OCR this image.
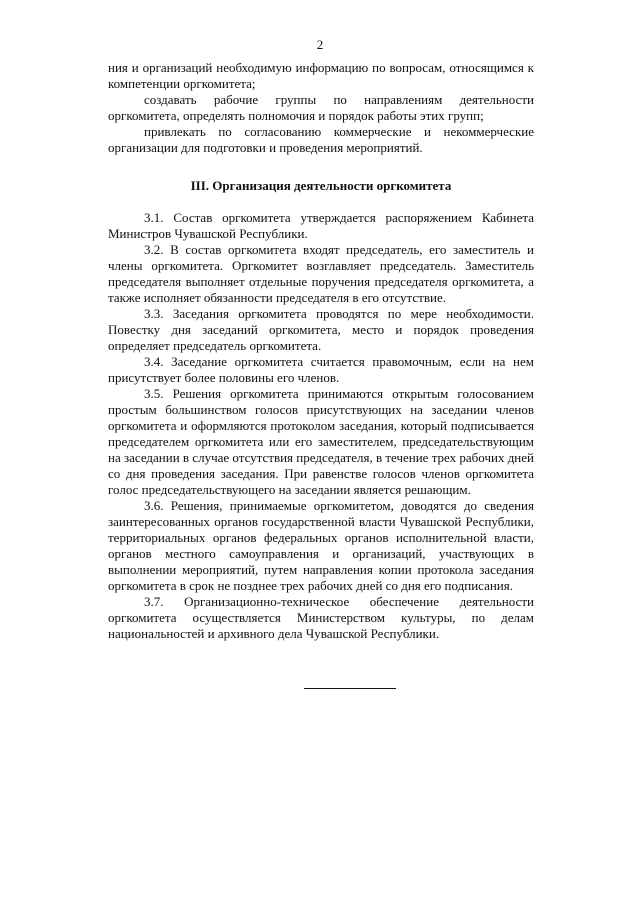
2

ния и организаций необходимую информацию по вопросам, относящимся к компетенции оргкомитета;

создавать рабочие группы по направлениям деятельности оргкомитета, определять полномочия и порядок работы этих групп;

привлекать по согласованию коммерческие и некоммерческие организации для подготовки и проведения мероприятий.

III. Организация деятельности оргкомитета

3.1. Состав оргкомитета утверждается распоряжением Кабинета Министров Чувашской Республики.

3.2. В состав оргкомитета входят председатель, его заместитель и члены оргкомитета. Оргкомитет возглавляет председатель. Заместитель председателя выполняет отдельные поручения председателя оргкомитета, а также исполняет обязанности председателя в его отсутствие.

3.3. Заседания оргкомитета проводятся по мере необходимости. Повестку дня заседаний оргкомитета, место и порядок проведения определяет председатель оргкомитета.

3.4. Заседание оргкомитета считается правомочным, если на нем присутствует более половины его членов.

3.5. Решения оргкомитета принимаются открытым голосованием простым большинством голосов присутствующих на заседании членов оргкомитета и оформляются протоколом заседания, который подписывается председателем оргкомитета или его заместителем, председательствующим на заседании в случае отсутствия председателя, в течение трех рабочих дней со дня проведения заседания. При равенстве голосов членов оргкомитета голос председательствующего на заседании является решающим.

3.6. Решения, принимаемые оргкомитетом, доводятся до сведения заинтересованных органов государственной власти Чувашской Республики, территориальных органов федеральных органов исполнительной власти, органов местного самоуправления и организаций, участвующих в выполнении мероприятий, путем направления копии протокола заседания оргкомитета в срок не позднее трех рабочих дней со дня его подписания.

3.7. Организационно-техническое обеспечение деятельности оргкомитета осуществляется Министерством культуры, по делам национальностей и архивного дела Чувашской Республики.
